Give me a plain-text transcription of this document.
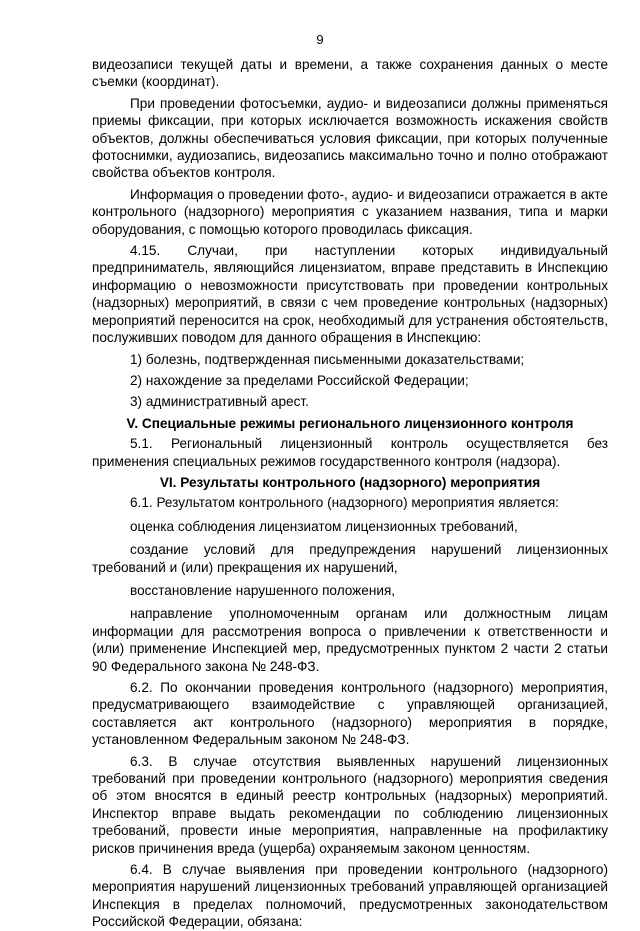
9

видеозаписи текущей даты и времени, а также сохранения данных о месте съемки (координат).

При проведении фотосъемки, аудио- и видеозаписи должны применяться приемы фиксации, при которых исключается возможность искажения свойств объектов, должны обеспечиваться условия фиксации, при которых полученные фотоснимки, аудиозапись, видеозапись максимально точно и полно отображают свойства объектов контроля.

Информация о проведении фото-, аудио- и видеозаписи отражается в акте контрольного (надзорного) мероприятия с указанием названия, типа и марки оборудования, с помощью которого проводилась фиксация.

4.15. Случаи, при наступлении которых индивидуальный предприниматель, являющийся лицензиатом, вправе представить в Инспекцию информацию о невозможности присутствовать при проведении контрольных (надзорных) мероприятий, в связи с чем проведение контрольных (надзорных) мероприятий переносится на срок, необходимый для устранения обстоятельств, послуживших поводом для данного обращения в Инспекцию:

1) болезнь, подтвержденная письменными доказательствами;

2) нахождение за пределами Российской Федерации;

3) административный арест.

V. Специальные режимы регионального лицензионного контроля

5.1. Региональный лицензионный контроль осуществляется без применения специальных режимов государственного контроля (надзора).

VI. Результаты контрольного (надзорного) мероприятия

6.1. Результатом контрольного (надзорного) мероприятия является:

оценка соблюдения лицензиатом лицензионных требований,

создание условий для предупреждения нарушений лицензионных требований и (или) прекращения их нарушений,

восстановление нарушенного положения,

направление уполномоченным органам или должностным лицам информации для рассмотрения вопроса о привлечении к ответственности и (или) применение Инспекцией мер, предусмотренных пунктом 2 части 2 статьи 90 Федерального закона № 248-ФЗ.

6.2. По окончании проведения контрольного (надзорного) мероприятия, предусматривающего взаимодействие с управляющей организацией, составляется акт контрольного (надзорного) мероприятия в порядке, установленном Федеральным законом № 248-ФЗ.

6.3. В случае отсутствия выявленных нарушений лицензионных требований при проведении контрольного (надзорного) мероприятия сведения об этом вносятся в единый реестр контрольных (надзорных) мероприятий. Инспектор вправе выдать рекомендации по соблюдению лицензионных требований, провести иные мероприятия, направленные на профилактику рисков причинения вреда (ущерба) охраняемым законом ценностям.

6.4. В случае выявления при проведении контрольного (надзорного) мероприятия нарушений лицензионных требований управляющей организацией Инспекция в пределах полномочий, предусмотренных законодательством Российской Федерации, обязана:
